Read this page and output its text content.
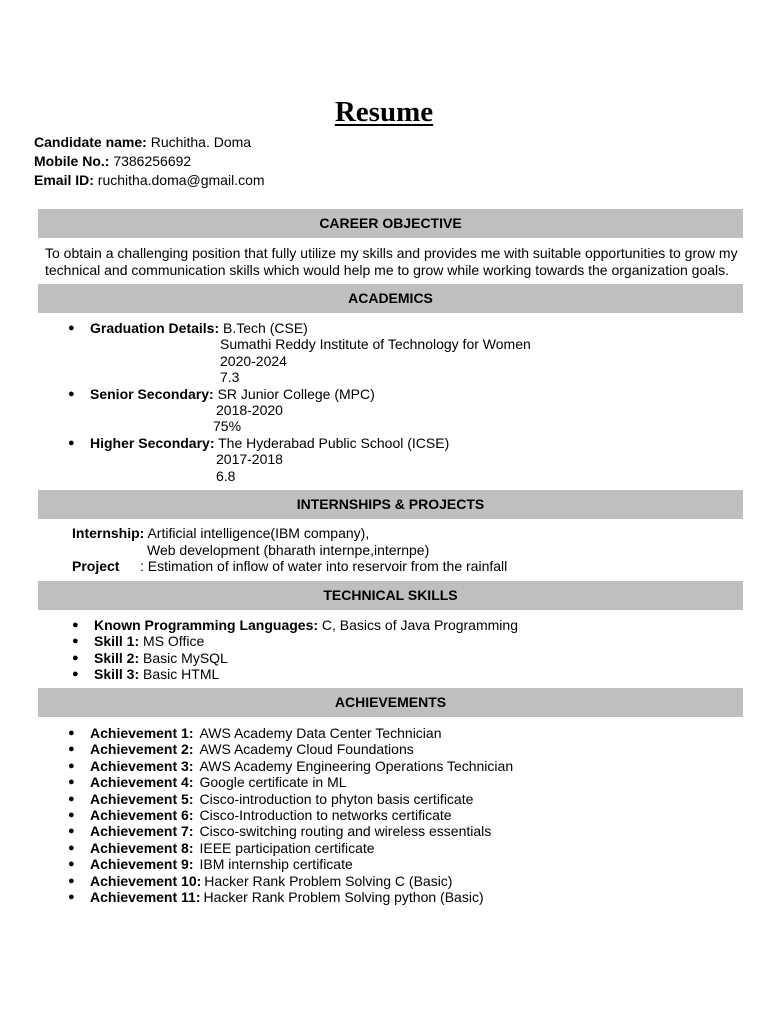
Resume
Candidate name: Ruchitha. Doma
Mobile No.: 7386256692
Email ID: ruchitha.doma@gmail.com
CAREER OBJECTIVE
To obtain a challenging position that fully utilize my skills and provides me with suitable opportunities to grow my
technical and communication skills which would help me to grow while working towards the organization goals.
ACADEMICS
● Graduation Details: B.Tech (CSE)
Sumathi Reddy Institute of Technology for Women
2020-2024
7.3
● Senior Secondary: SR Junior College (MPC)
2018-2020
75%
● Higher Secondary: The Hyderabad Public School (ICSE)
2017-2018
6.8
INTERNSHIPS & PROJECTS
Internship: Artificial intelligence(IBM company),
Web development (bharath internpe,internpe)
Project : Estimation of inflow of water into reservoir from the rainfall
TECHNICAL SKILLS
● Known Programming Languages: C, Basics of Java Programming
● Skill 1: MS Office
● Skill 2: Basic MySQL
● Skill 3: Basic HTML
ACHIEVEMENTS
● Achievement 1: AWS Academy Data Center Technician
● Achievement 2: AWS Academy Cloud Foundations
● Achievement 3: AWS Academy Engineering Operations Technician
● Achievement 4: Google certificate in ML
● Achievement 5: Cisco-introduction to phyton basis certificate
● Achievement 6: Cisco-Introduction to networks certificate
● Achievement 7: Cisco-switching routing and wireless essentials
● Achievement 8: IEEE participation certificate
● Achievement 9: IBM internship certificate
● Achievement 10: Hacker Rank Problem Solving C (Basic)
● Achievement 11: Hacker Rank Problem Solving python (Basic)
